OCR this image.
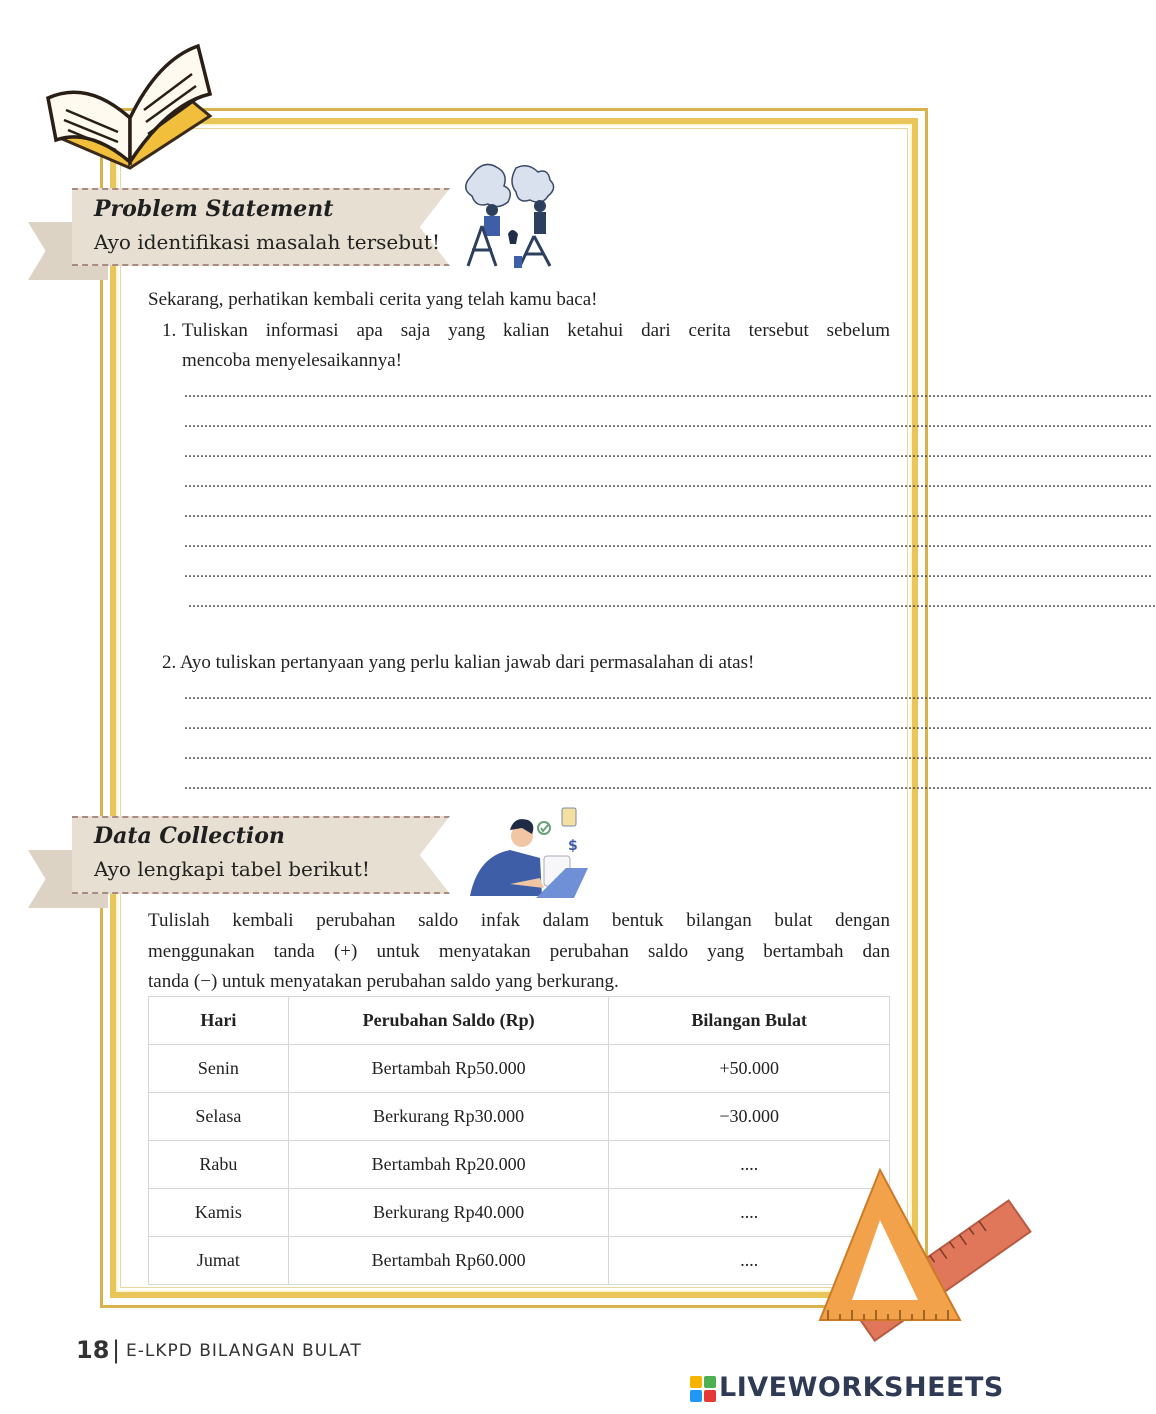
Problem Statement
Ayo identifikasi masalah tersebut!
Sekarang, perhatikan kembali cerita yang telah kamu baca!
1. Tuliskan informasi apa saja yang kalian ketahui dari cerita tersebut sebelum
mencoba menyelesaikannya!
..................................................................................................................................................................................................................................................
..................................................................................................................................................................................................................................................
..................................................................................................................................................................................................................................................
..................................................................................................................................................................................................................................................
..................................................................................................................................................................................................................................................
..................................................................................................................................................................................................................................................
..................................................................................................................................................................................................................................................
..................................................................................................................................................................................................................................................
2. Ayo tuliskan pertanyaan yang perlu kalian jawab dari permasalahan di atas!
..................................................................................................................................................................................................................................................
..................................................................................................................................................................................................................................................
..................................................................................................................................................................................................................................................
..................................................................................................................................................................................................................................................
Data Collection
Ayo lengkapi tabel berikut!
$
Tulislah kembali perubahan saldo infak dalam bentuk bilangan bulat dengan
menggunakan tanda (+) untuk menyatakan perubahan saldo yang bertambah dan
tanda (−) untuk menyatakan perubahan saldo yang berkurang.
Hari	Perubahan Saldo (Rp)	Bilangan Bulat
Senin	Bertambah Rp50.000	+50.000
Selasa	Berkurang Rp30.000	−30.000
Rabu	Bertambah Rp20.000	....
Kamis	Berkurang Rp40.000	....
Jumat	Bertambah Rp60.000	....
18 | E-LKPD BILANGAN BULAT
LIVEWORKSHEETS
